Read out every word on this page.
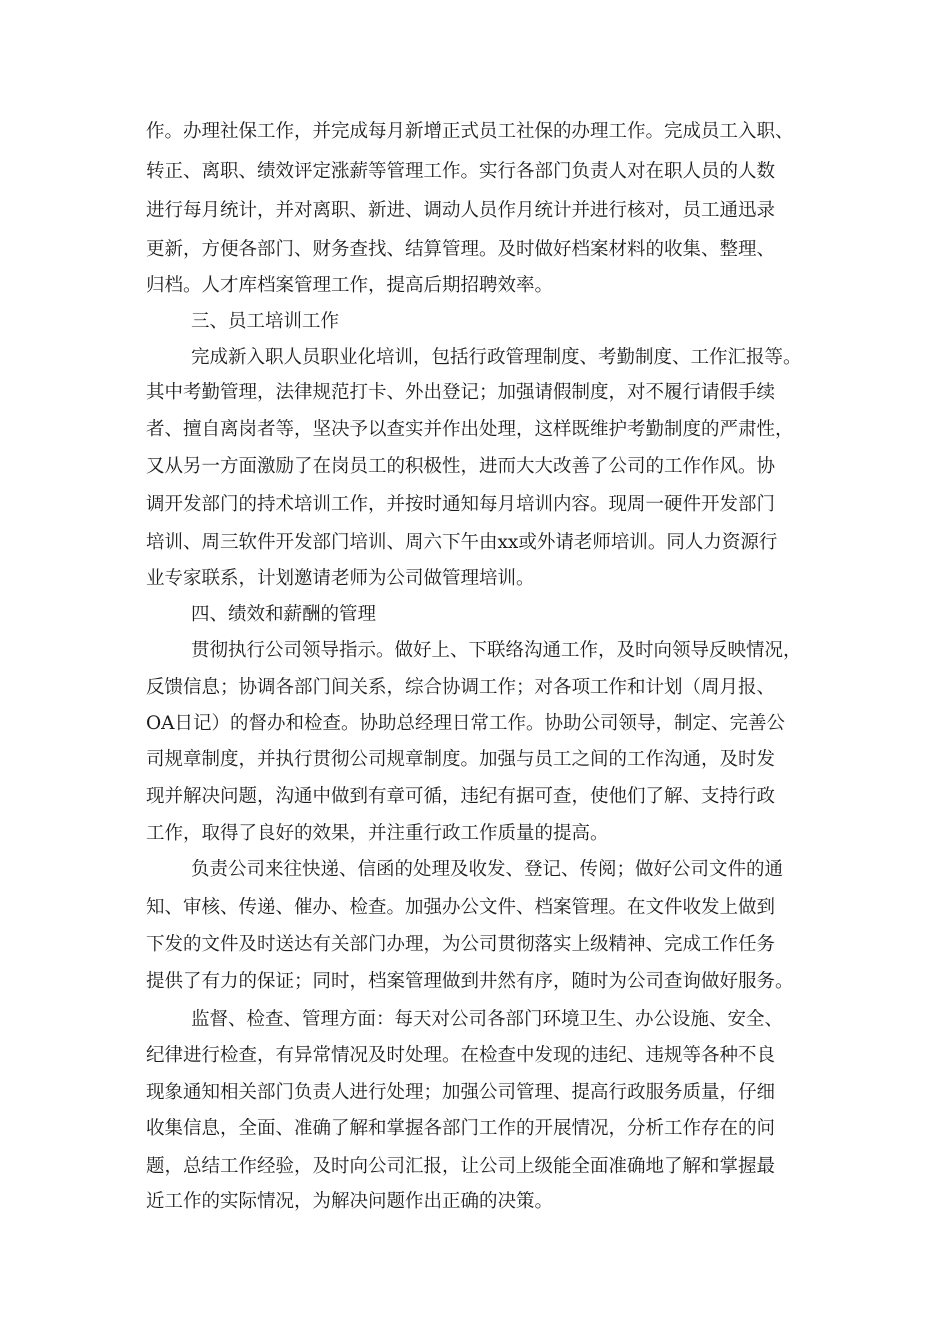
作。办理社保工作，并完成每月新增正式员工社保的办理工作。完成员工入职、
转正、离职、绩效评定涨薪等管理工作。实行各部门负责人对在职人员的人数
进行每月统计，并对离职、新进、调动人员作月统计并进行核对，员工通迅录
更新，方便各部门、财务查找、结算管理。及时做好档案材料的收集、整理、
归档。人才库档案管理工作，提高后期招聘效率。
三、员工培训工作
完成新入职人员职业化培训，包括行政管理制度、考勤制度、工作汇报等。
其中考勤管理，法律规范打卡、外出登记；加强请假制度，对不履行请假手续
者、擅自离岗者等，坚决予以查实并作出处理，这样既维护考勤制度的严肃性，
又从另一方面激励了在岗员工的积极性，进而大大改善了公司的工作作风。协
调开发部门的持术培训工作，并按时通知每月培训内容。现周一硬件开发部门
培训、周三软件开发部门培训、周六下午由xx或外请老师培训。同人力资源行
业专家联系，计划邀请老师为公司做管理培训。
四、绩效和薪酬的管理
贯彻执行公司领导指示。做好上、下联络沟通工作，及时向领导反映情况，
反馈信息；协调各部门间关系，综合协调工作；对各项工作和计划（周月报、
OA日记）的督办和检查。协助总经理日常工作。协助公司领导，制定、完善公
司规章制度，并执行贯彻公司规章制度。加强与员工之间的工作沟通，及时发
现并解决问题，沟通中做到有章可循，违纪有据可查，使他们了解、支持行政
工作，取得了良好的效果，并注重行政工作质量的提高。
负责公司来往快递、信函的处理及收发、登记、传阅；做好公司文件的通
知、审核、传递、催办、检查。加强办公文件、档案管理。在文件收发上做到
下发的文件及时送达有关部门办理，为公司贯彻落实上级精神、完成工作任务
提供了有力的保证；同时，档案管理做到井然有序，随时为公司查询做好服务。
监督、检查、管理方面：每天对公司各部门环境卫生、办公设施、安全、
纪律进行检查，有异常情况及时处理。在检查中发现的违纪、违规等各种不良
现象通知相关部门负责人进行处理；加强公司管理、提高行政服务质量，仔细
收集信息，全面、准确了解和掌握各部门工作的开展情况，分析工作存在的问
题，总结工作经验，及时向公司汇报，让公司上级能全面准确地了解和掌握最
近工作的实际情况，为解决问题作出正确的决策。
